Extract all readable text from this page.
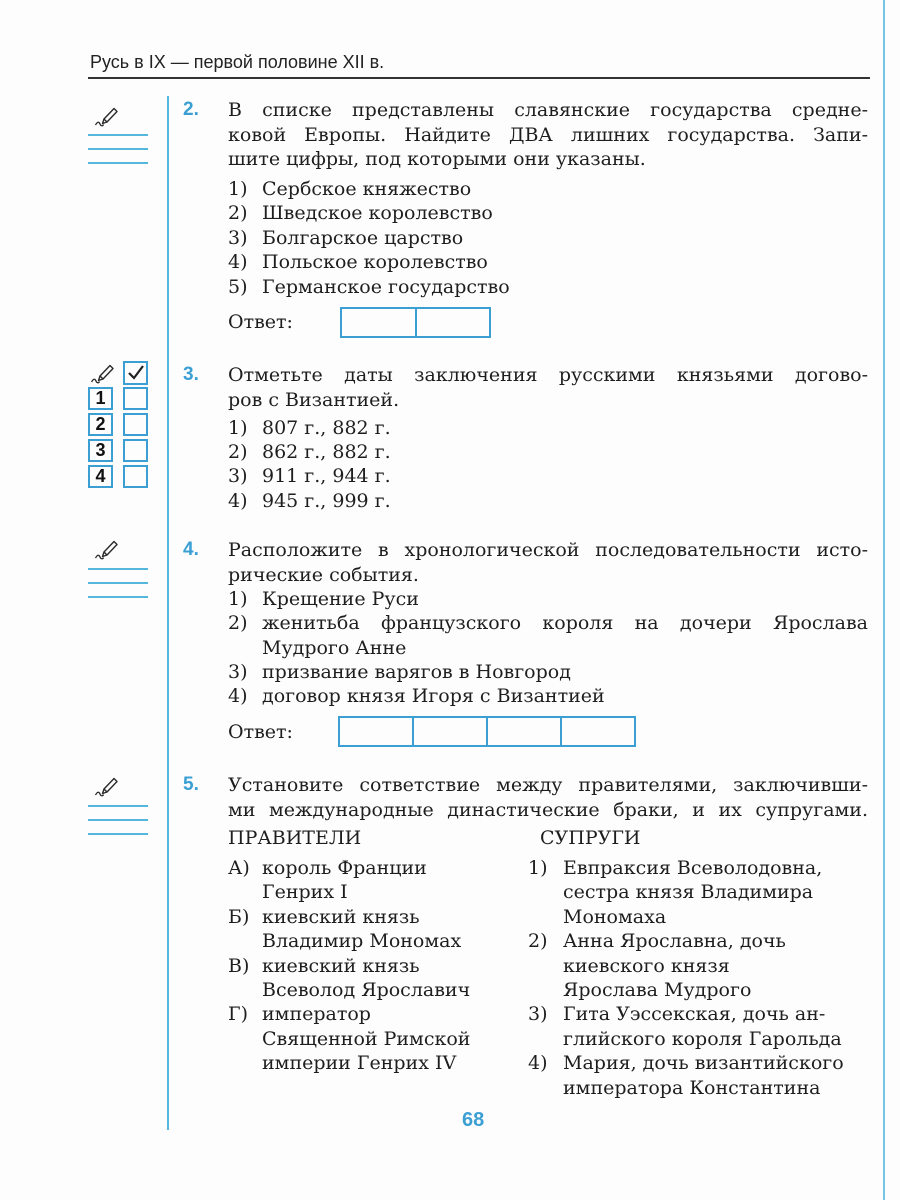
Русь в IX — первой половине XII в.
2. В списке представлены славянские государства средне-
ковой Европы. Найдите ДВА лишних государства. Запи-
шите цифры, под которыми они указаны.
1) Сербское княжество
2) Шведское королевство
3) Болгарское царство
4) Польское королевство
5) Германское государство
Ответ:
1
2
3
4
3. Отметьте даты заключения русскими князьями догово-
ров с Византией.
1) 807 г., 882 г.
2) 862 г., 882 г.
3) 911 г., 944 г.
4) 945 г., 999 г.
4. Расположите в хронологической последовательности исто-
рические события.
1) Крещение Руси
2) женитьба французского короля на дочери Ярослава
Мудрого Анне
3) призвание варягов в Новгород
4) договор князя Игоря с Византией
Ответ:
5. Установите сответствие между правителями, заключивши-
ми международные династические браки, и их супругами.
ПРАВИТЕЛИ	СУПРУГИ
А) король Франции
Генрих I
Б) киевский князь
Владимир Мономах
В) киевский князь
Всеволод Ярославич
Г) император
Священной Римской
империи Генрих IV
1) Евпраксия Всеволодовна,
сестра князя Владимира
Мономаха
2) Анна Ярославна, дочь
киевского князя
Ярослава Мудрого
3) Гита Уэссекская, дочь ан-
глийского короля Гарольда
4) Мария, дочь византийского
императора Константина
68
